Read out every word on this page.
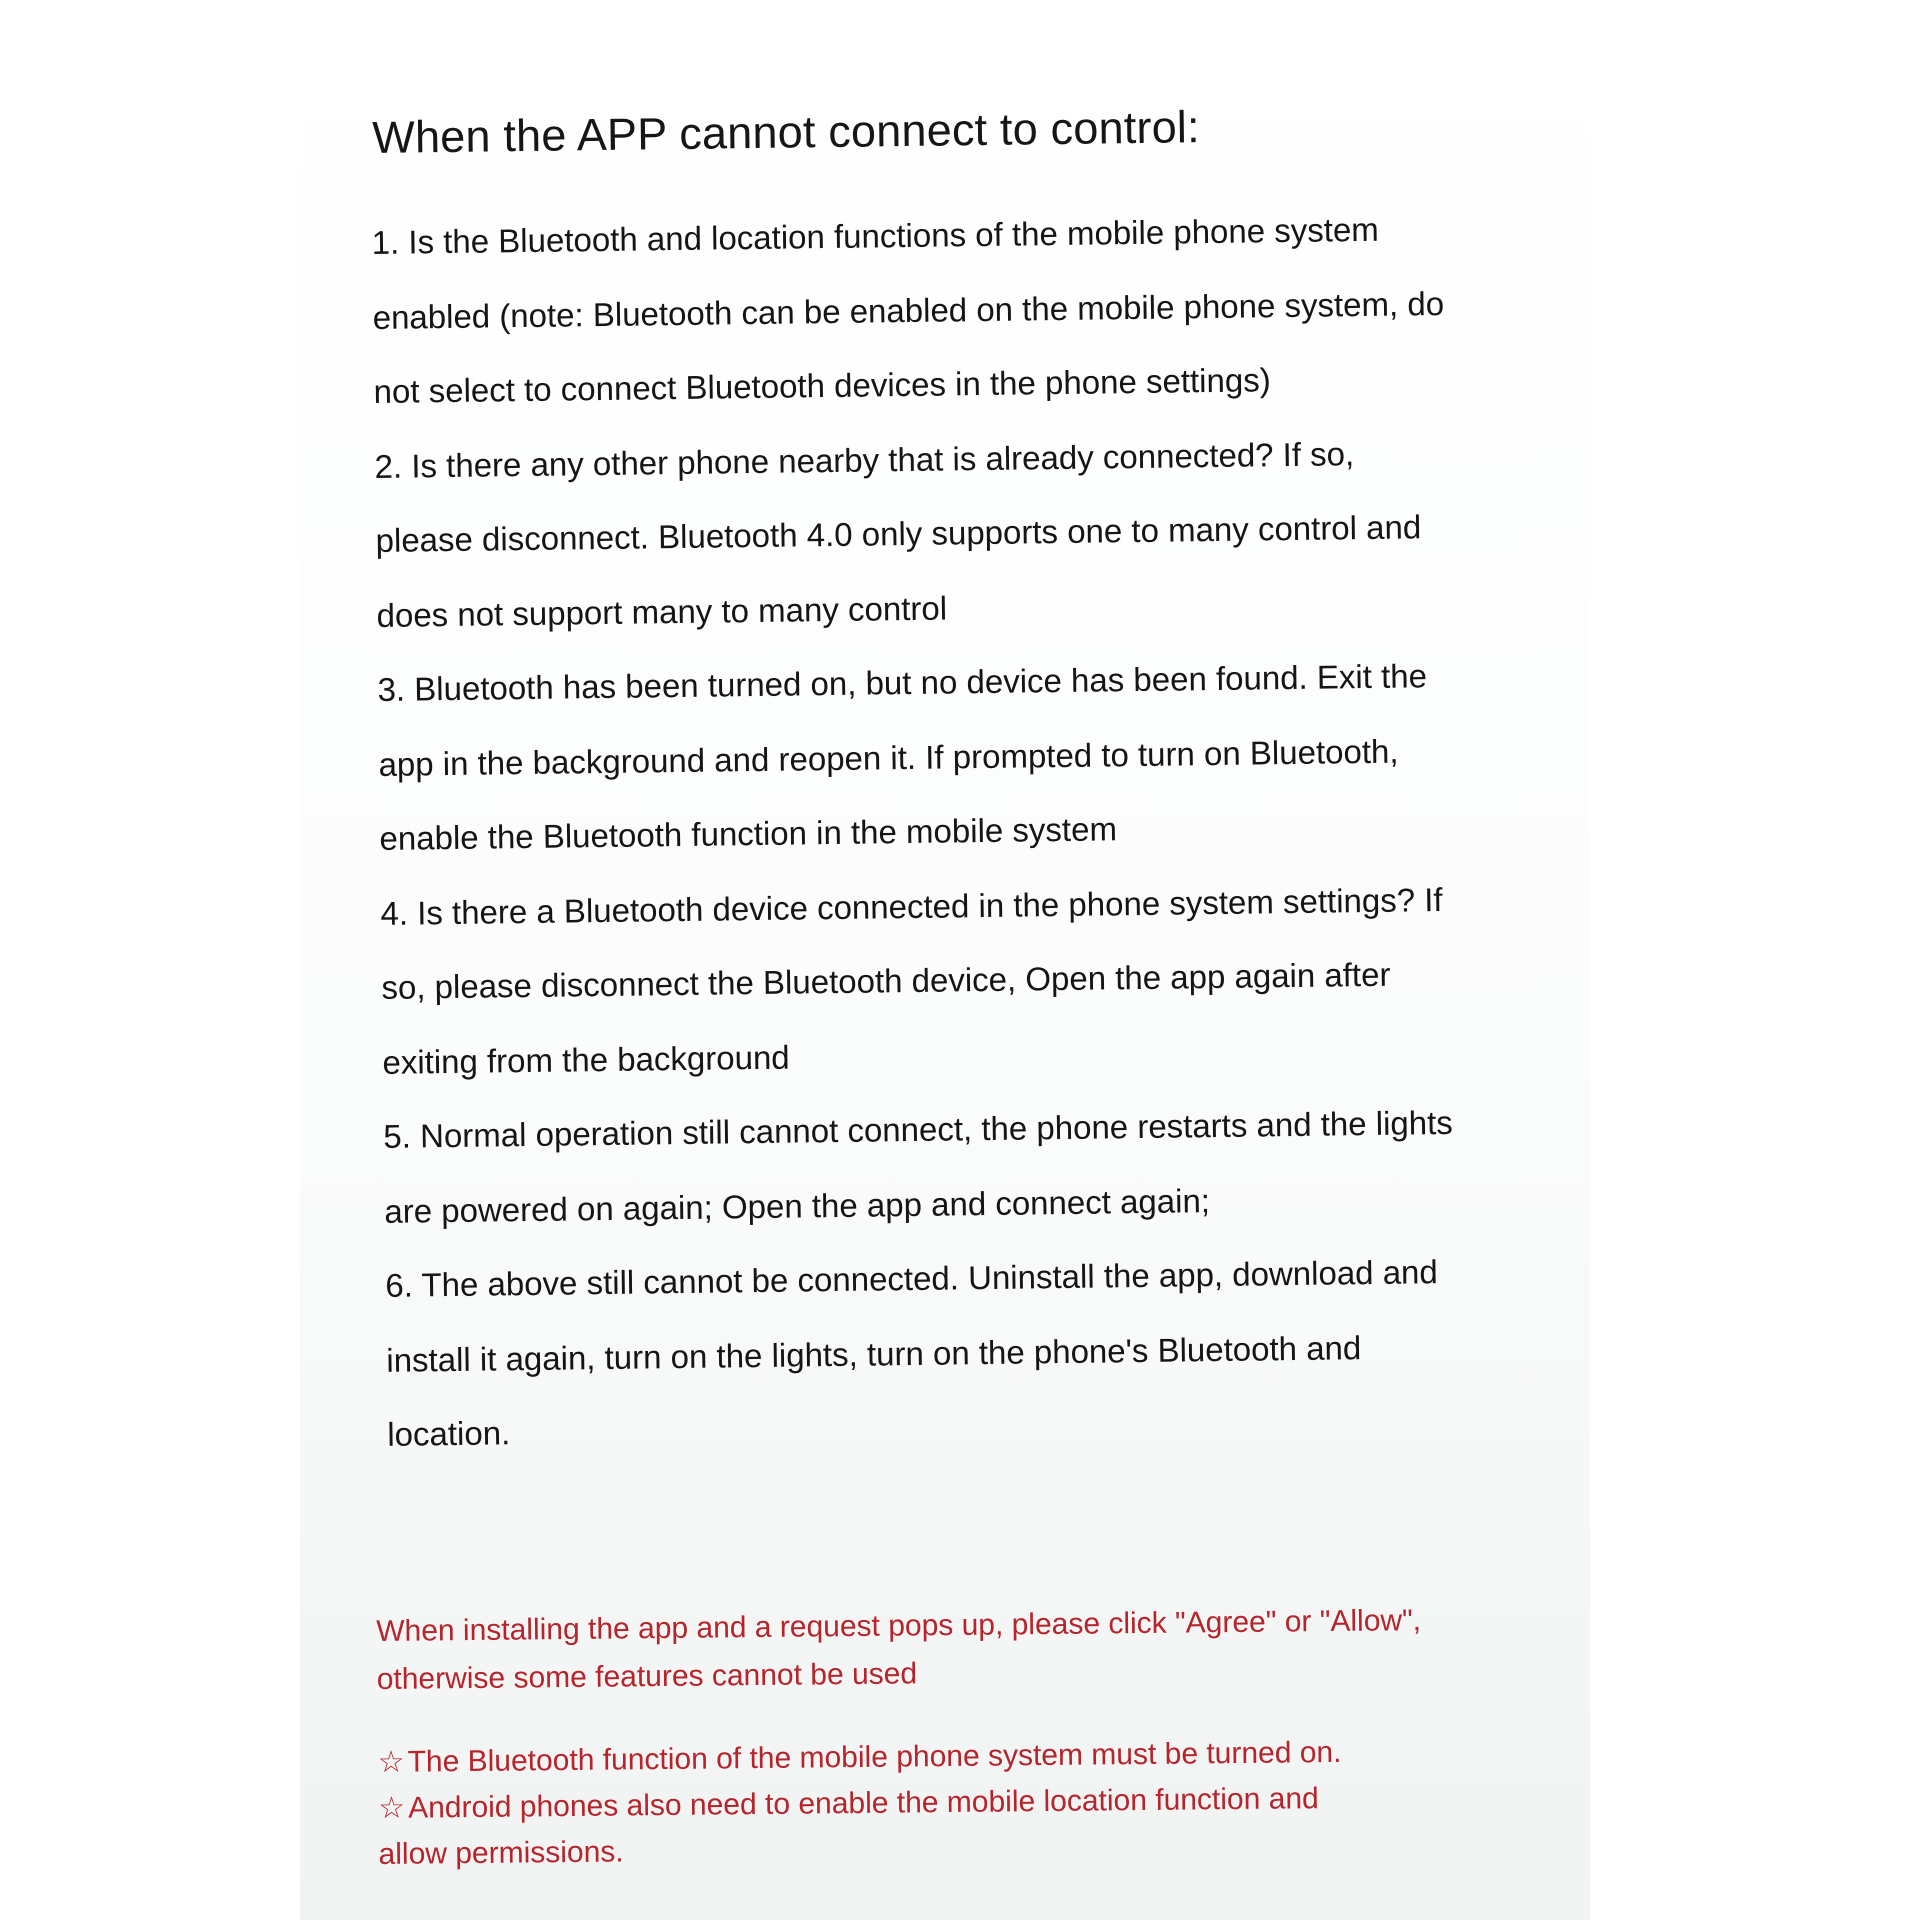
When the APP cannot connect to control:
1. Is the Bluetooth and location functions of the mobile phone system
enabled (note: Bluetooth can be enabled on the mobile phone system, do
not select to connect Bluetooth devices in the phone settings)
2. Is there any other phone nearby that is already connected? If so,
please disconnect. Bluetooth 4.0 only supports one to many control and
does not support many to many control
3. Bluetooth has been turned on, but no device has been found. Exit the
app in the background and reopen it. If prompted to turn on Bluetooth,
enable the Bluetooth function in the mobile system
4. Is there a Bluetooth device connected in the phone system settings? If
so, please disconnect the Bluetooth device, Open the app again after
exiting from the background
5. Normal operation still cannot connect, the phone restarts and the lights
are powered on again; Open the app and connect again;
6. The above still cannot be connected. Uninstall the app, download and
install it again, turn on the lights, turn on the phone's Bluetooth and
location.
When installing the app and a request pops up, please click "Agree" or "Allow",
otherwise some features cannot be used
☆The Bluetooth function of the mobile phone system must be turned on.
☆Android phones also need to enable the mobile location function and
allow permissions.
